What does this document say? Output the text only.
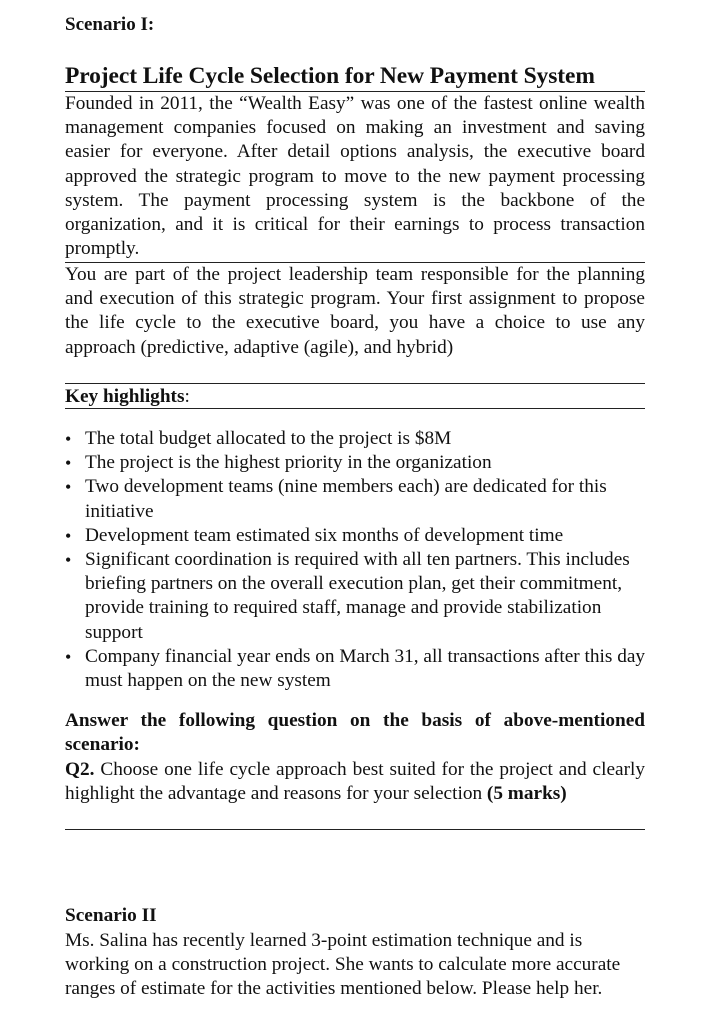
Scenario I:
Project Life Cycle Selection for New Payment System
Founded in 2011, the “Wealth Easy” was one of the fastest online wealth management companies focused on making an investment and saving easier for everyone. After detail options analysis, the executive board approved the strategic program to move to the new payment processing system. The payment processing system is the backbone of the organization, and it is critical for their earnings to process transaction promptly.
You are part of the project leadership team responsible for the planning and execution of this strategic program. Your first assignment to propose the life cycle to the executive board, you have a choice to use any approach (predictive, adaptive (agile), and hybrid)
Key highlights:
• The total budget allocated to the project is $8M
• The project is the highest priority in the organization
• Two development teams (nine members each) are dedicated for this initiative
• Development team estimated six months of development time
• Significant coordination is required with all ten partners. This includes briefing partners on the overall execution plan, get their commitment, provide training to required staff, manage and provide stabilization support
• Company financial year ends on March 31, all transactions after this day must happen on the new system
Answer the following question on the basis of above-mentioned scenario:
Q2. Choose one life cycle approach best suited for the project and clearly highlight the advantage and reasons for your selection (5 marks)
Scenario II
Ms. Salina has recently learned 3-point estimation technique and is working on a construction project. She wants to calculate more accurate ranges of estimate for the activities mentioned below. Please help her.
